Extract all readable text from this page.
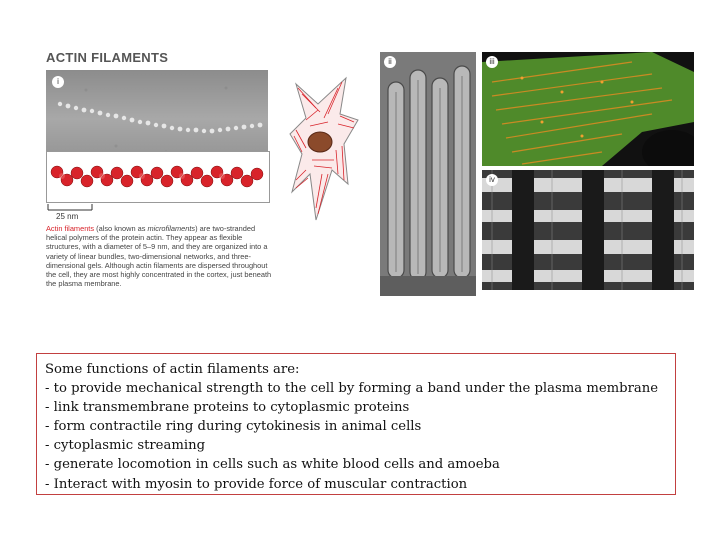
ACTIN FILAMENTS
i
25 nm
Actin filaments (also known as microfilaments) are two-stranded helical polymers of the protein actin. They appear as flexible structures, with a diameter of 5–9 nm, and they are organized into a variety of linear bundles, two-dimensional networks, and three-dimensional gels. Although actin filaments are dispersed throughout the cell, they are most highly concentrated in the cortex, just beneath the plasma membrane.
ii	iii
iv
Some functions of actin filaments are:
- to provide mechanical strength to the cell by forming a band under the plasma membrane
- link transmembrane proteins to cytoplasmic proteins
- form contractile ring during cytokinesis in animal cells
- cytoplasmic streaming
- generate locomotion in cells such as white blood cells and amoeba
- Interact with myosin to provide force of muscular contraction
